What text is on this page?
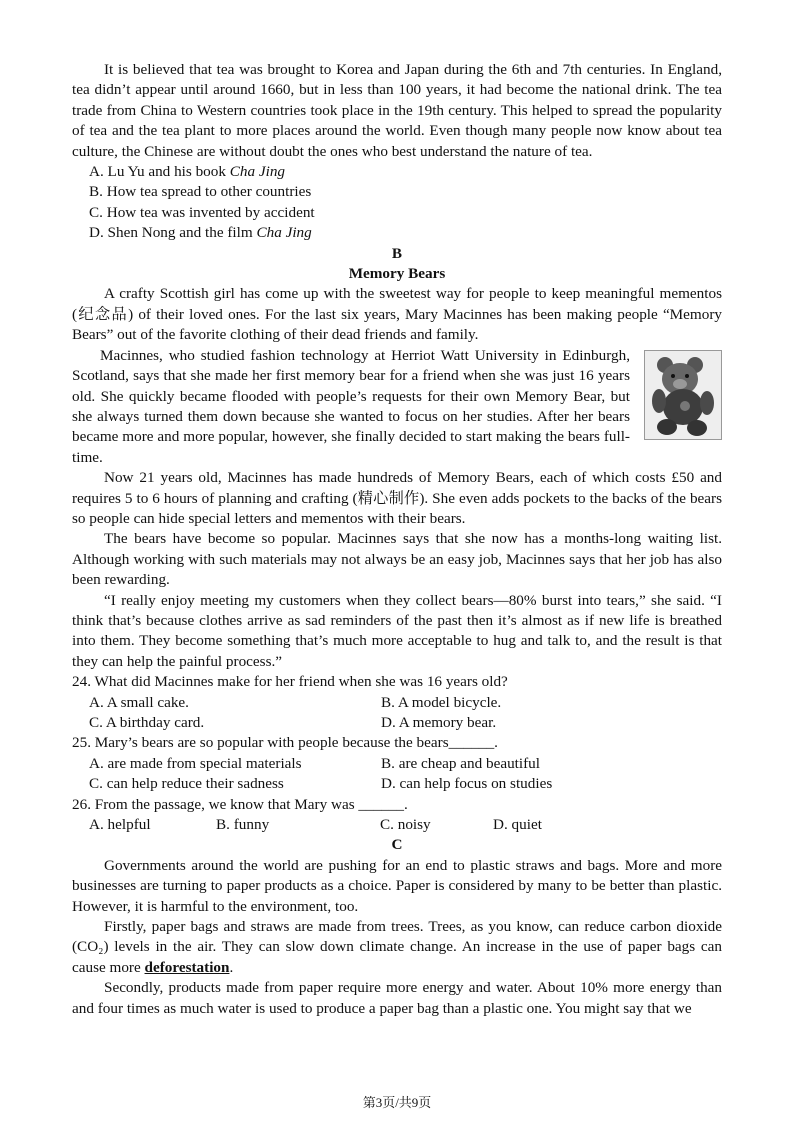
It is believed that tea was brought to Korea and Japan during the 6th and 7th centuries. In England, tea didn’t appear until around 1660, but in less than 100 years, it had become the national drink. The tea trade from China to Western countries took place in the 19th century. This helped to spread the popularity of tea and the tea plant to more places around the world. Even though many people now know about tea culture, the Chinese are without doubt the ones who best understand the nature of tea.

A. Lu Yu and his book Cha Jing

B. How tea spread to other countries

C. How tea was invented by accident

D. Shen Nong and the film Cha Jing

B

Memory Bears

A crafty Scottish girl has come up with the sweetest way for people to keep meaningful mementos (纪念品) of their loved ones. For the last six years, Mary Macinnes has been making people “Memory Bears” out of the favorite clothing of their dead friends and family.

Macinnes, who studied fashion technology at Herriot Watt University in Edinburgh, Scotland, says that she made her first memory bear for a friend when she was just 16 years old. She quickly became flooded with people’s requests for their own Memory Bear, but she always turned them down because she wanted to focus on her studies. After her bears became more and more popular, however, she finally decided to start making the bears full-time.

Now 21 years old, Macinnes has made hundreds of Memory Bears, each of which costs £50 and requires 5 to 6 hours of planning and crafting (精心制作). She even adds pockets to the backs of the bears so people can hide special letters and mementos with their bears.

The bears have become so popular. Macinnes says that she now has a months-long waiting list. Although working with such materials may not always be an easy job, Macinnes says that her job has also been rewarding.

“I really enjoy meeting my customers when they collect bears—80% burst into tears,” she said. “I think that’s because clothes arrive as sad reminders of the past then it’s almost as if new life is breathed into them. They become something that’s much more acceptable to hug and talk to, and the result is that they can help the painful process.”

24. What did Macinnes make for her friend when she was 16 years old?

A. A small cake.	B. A model bicycle.
C. A birthday card.	D. A memory bear.

25. Mary’s bears are so popular with people because the bears______.

A. are made from special materials	B. are cheap and beautiful
C. can help reduce their sadness	D. can help focus on studies

26. From the passage, we know that Mary was ______.

A. helpful	B. funny	C. noisy	D. quiet

C

Governments around the world are pushing for an end to plastic straws and bags. More and more businesses are turning to paper products as a choice. Paper is considered by many to be better than plastic. However, it is harmful to the environment, too.

Firstly, paper bags and straws are made from trees. Trees, as you know, can reduce carbon dioxide (CO₂) levels in the air. They can slow down climate change. An increase in the use of paper bags can cause more deforestation.

Secondly, products made from paper require more energy and water. About 10% more energy than and four times as much water is used to produce a paper bag than a plastic one. You might say that we

第3页/共9页
